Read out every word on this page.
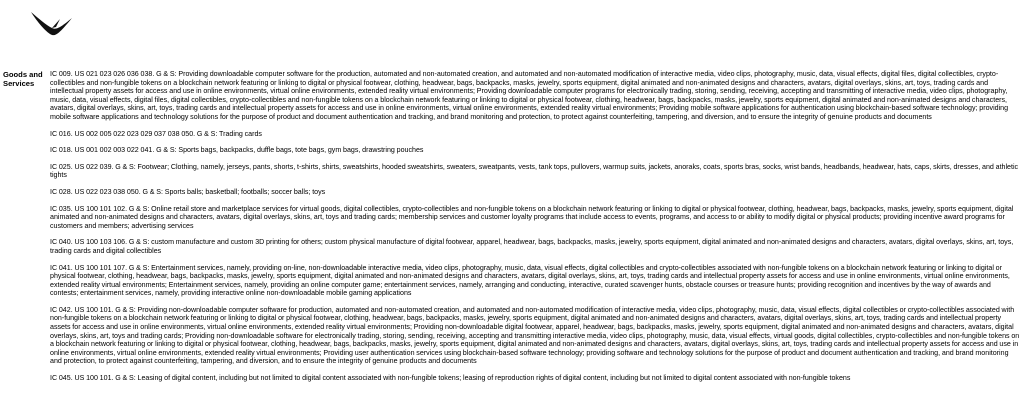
Goods and Services

IC 009. US 021 023 026 036 038. G & S: Providing downloadable computer software for the production, automated and non-automated creation, and automated and non-automated modification of interactive media, video clips, photography, music, data, visual effects, digital files, digital collectibles, crypto-collectibles and non-fungible tokens on a blockchain network featuring or linking to digital or physical footwear, clothing, headwear, bags, backpacks, masks, jewelry, sports equipment, digital animated and non-animated designs and characters, avatars, digital overlays, skins, art, toys, trading cards and intellectual property assets for access and use in online environments, virtual online environments, extended reality virtual environments; Providing downloadable computer programs for electronically trading, storing, sending, receiving, accepting and transmitting of interactive media, video clips, photography, music, data, visual effects, digital files, digital collectibles, crypto-collectibles and non-fungible tokens on a blockchain network featuring or linking to digital or physical footwear, clothing, headwear, bags, backpacks, masks, jewelry, sports equipment, digital animated and non-animated designs and characters, avatars, digital overlays, skins, art, toys, trading cards and intellectual property assets for access and use in online environments, virtual online environments, extended reality virtual environments; Providing mobile software applications for authentication using blockchain-based software technology; providing mobile software applications and technology solutions for the purpose of product and document authentication and tracking, and brand monitoring and protection, to protect against counterfeiting, tampering, and diversion, and to ensure the integrity of genuine products and documents

IC 016. US 002 005 022 023 029 037 038 050. G & S: Trading cards

IC 018. US 001 002 003 022 041. G & S: Sports bags, backpacks, duffle bags, tote bags, gym bags, drawstring pouches

IC 025. US 022 039. G & S: Footwear; Clothing, namely, jerseys, pants, shorts, t-shirts, shirts, sweatshirts, hooded sweatshirts, sweaters, sweatpants, vests, tank tops, pullovers, warmup suits, jackets, anoraks, coats, sports bras, socks, wrist bands, headbands, headwear, hats, caps, skirts, dresses, and athletic tights

IC 028. US 022 023 038 050. G & S: Sports balls; basketball; footballs; soccer balls; toys

IC 035. US 100 101 102. G & S: Online retail store and marketplace services for virtual goods, digital collectibles, crypto-collectibles and non-fungible tokens on a blockchain network featuring or linking to digital or physical footwear, clothing, headwear, bags, backpacks, masks, jewelry, sports equipment, digital animated and non-animated designs and characters, avatars, digital overlays, skins, art, toys and trading cards; membership services and customer loyalty programs that include access to events, programs, and access to or ability to modify digital or physical products; providing incentive award programs for customers and members; advertising services

IC 040. US 100 103 106. G & S: custom manufacture and custom 3D printing for others; custom physical manufacture of digital footwear, apparel, headwear, bags, backpacks, masks, jewelry, sports equipment, digital animated and non-animated designs and characters, avatars, digital overlays, skins, art, toys, trading cards and digital collectibles

IC 041. US 100 101 107. G & S: Entertainment services, namely, providing on-line, non-downloadable interactive media, video clips, photography, music, data, visual effects, digital collectibles and crypto-collectibles associated with non-fungible tokens on a blockchain network featuring or linking to digital or physical footwear, clothing, headwear, bags, backpacks, masks, jewelry, sports equipment, digital animated and non-animated designs and characters, avatars, digital overlays, skins, art, toys, trading cards and intellectual property assets for access and use in online environments, virtual online environments, extended reality virtual environments; Entertainment services, namely, providing an online computer game; entertainment services, namely, arranging and conducting, interactive, curated scavenger hunts, obstacle courses or treasure hunts; providing recognition and incentives by the way of awards and contests; entertainment services, namely, providing interactive online non-downloadable mobile gaming applications

IC 042. US 100 101. G & S: Providing non-downloadable computer software for production, automated and non-automated creation, and automated and non-automated modification of interactive media, video clips, photography, music, data, visual effects, digital collectibles or crypto-collectibles associated with non-fungible tokens on a blockchain network featuring or linking to digital or physical footwear, clothing, headwear, bags, backpacks, masks, jewelry, sports equipment, digital animated and non-animated designs and characters, avatars, digital overlays, skins, art, toys, trading cards and intellectual property assets for access and use in online environments, virtual online environments, extended reality virtual environments; Providing non-downloadable digital footwear, apparel, headwear, bags, backpacks, masks, jewelry, sports equipment, digital animated and non-animated designs and characters, avatars, digital overlays, skins, art, toys and trading cards; Providing non-downloadable software for electronically trading, storing, sending, receiving, accepting and transmitting interactive media, video clips, photography, music, data, visual effects, virtual goods, digital collectibles, crypto-collectibles and non-fungible tokens on a blockchain network featuring or linking to digital or physical footwear, clothing, headwear, bags, backpacks, masks, jewelry, sports equipment, digital animated and non-animated designs and characters, avatars, digital overlays, skins, art, toys, trading cards and intellectual property assets for access and use in online environments, virtual online environments, extended reality virtual environments; Providing user authentication services using blockchain-based software technology; providing software and technology solutions for the purpose of product and document authentication and tracking, and brand monitoring and protection, to protect against counterfeiting, tampering, and diversion, and to ensure the integrity of genuine products and documents

IC 045. US 100 101. G & S: Leasing of digital content, including but not limited to digital content associated with non-fungible tokens; leasing of reproduction rights of digital content, including but not limited to digital content associated with non-fungible tokens
